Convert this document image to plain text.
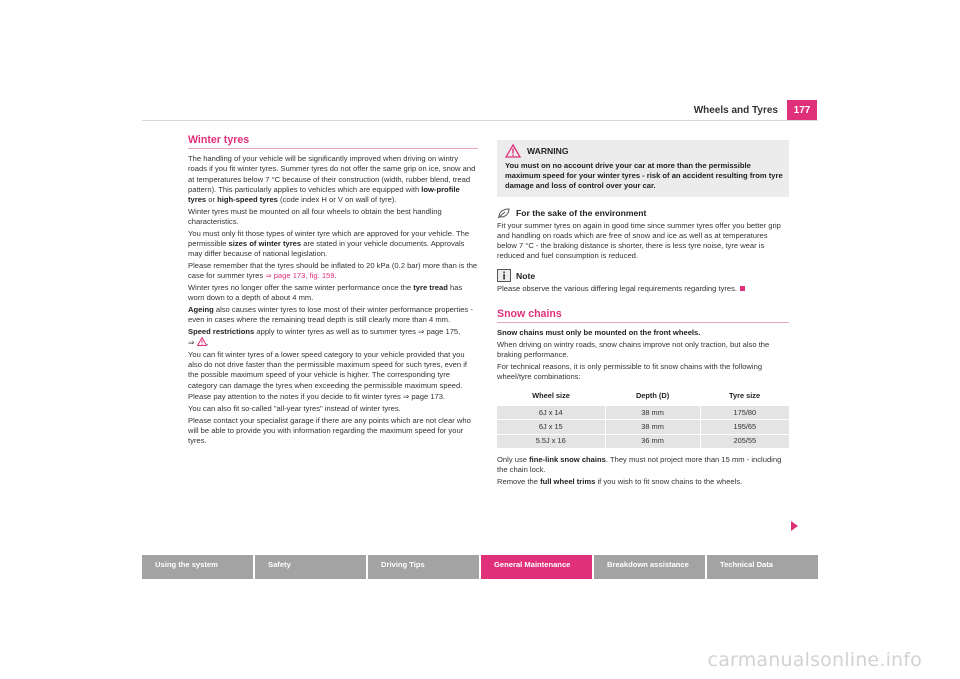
Wheels and Tyres	177
Winter tyres

The handling of your vehicle will be significantly improved when driving on wintry roads if you fit winter tyres. Summer tyres do not offer the same grip on ice, snow and at temperatures below 7 °C because of their construction (width, rubber blend, tread pattern). This particularly applies to vehicles which are equipped with low-profile tyres or high-speed tyres (code index H or V on wall of tyre).

Winter tyres must be mounted on all four wheels to obtain the best handling characteristics.

You must only fit those types of winter tyre which are approved for your vehicle. The permissible sizes of winter tyres are stated in your vehicle documents. Approvals may differ because of national legislation.

Please remember that the tyres should be inflated to 20 kPa (0.2 bar) more than is the case for summer tyres ⇒ page 173, fig. 159.

Winter tyres no longer offer the same winter performance once the tyre tread has worn down to a depth of about 4 mm.

Ageing also causes winter tyres to lose most of their winter performance properties - even in cases where the remaining tread depth is still clearly more than 4 mm.

Speed restrictions apply to winter tyres as well as to summer tyres ⇒ page 175,
⇒ .

You can fit winter tyres of a lower speed category to your vehicle provided that you also do not drive faster than the permissible maximum speed for such tyres, even if the possible maximum speed of your vehicle is higher. The corresponding tyre category can damage the tyres when exceeding the permissible maximum speed.

Please pay attention to the notes if you decide to fit winter tyres ⇒ page 173.

You can also fit so-called "all-year tyres" instead of winter tyres.

Please contact your specialist garage if there are any points which are not clear who will be able to provide you with information regarding the maximum speed for your tyres.

WARNING
You must on no account drive your car at more than the permissible maximum speed for your winter tyres - risk of an accident resulting from tyre damage and loss of control over your car.
For the sake of the environment

Fit your summer tyres on again in good time since summer tyres offer you better grip and handling on roads which are free of snow and ice as well as at temperatures below 7 °C - the braking distance is shorter, there is less tyre noise, tyre wear is reduced and fuel consumption is reduced.

Note

Please observe the various differing legal requirements regarding tyres.

Snow chains

Snow chains must only be mounted on the front wheels.

When driving on wintry roads, snow chains improve not only traction, but also the braking performance.

For technical reasons, it is only permissible to fit snow chains with the following wheel/tyre combinations:

Wheel size	Depth (D)	Tyre size
6J x 14	38 mm	175/80
6J x 15	38 mm	195/65
5.5J x 16	36 mm	205/55

Only use fine-link snow chains. They must not project more than 15 mm - including the chain lock.

Remove the full wheel trims if you wish to fit snow chains to the wheels.

Using the system	Safety	Driving Tips	General Maintenance	Breakdown assistance	Technical Data
carmanualsonline.info
